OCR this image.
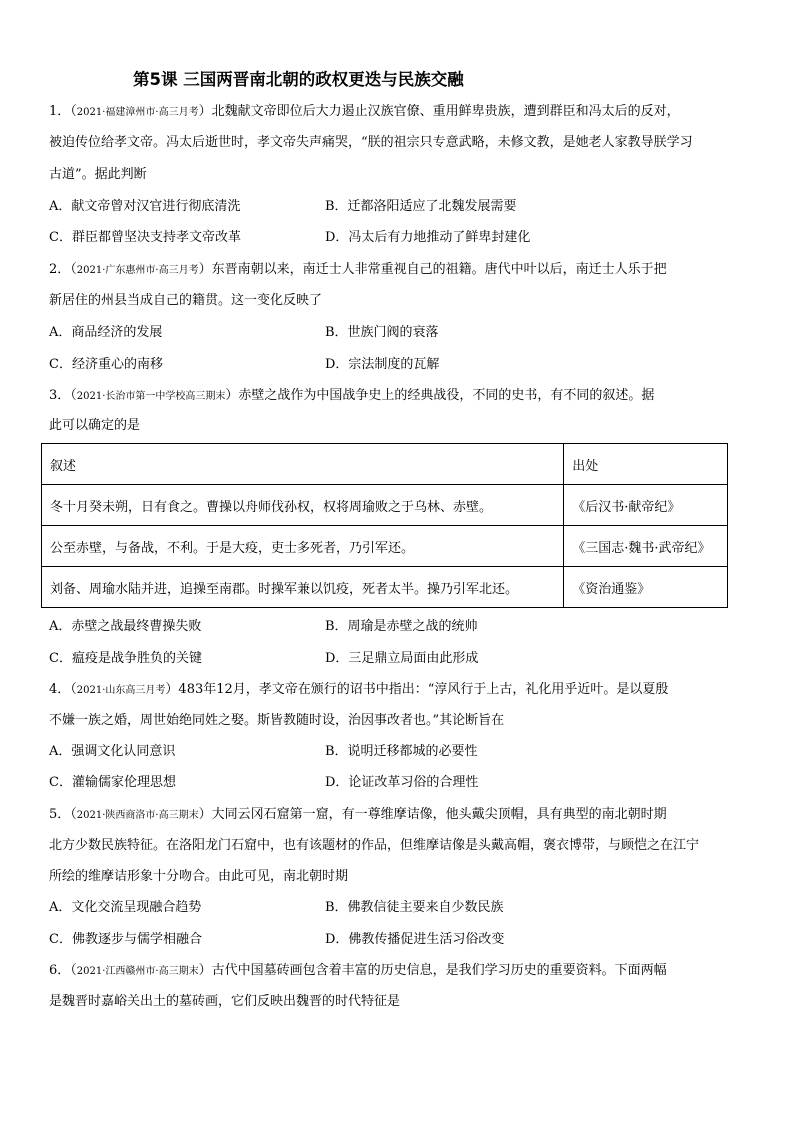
第5课 三国两晋南北朝的政权更迭与民族交融
1．（2021·福建漳州市·高三月考）北魏献文帝即位后大力遏止汉族官僚、重用鲜卑贵族，遭到群臣和冯太后的反对，
被迫传位给孝文帝。冯太后逝世时，孝文帝失声痛哭，“朕的祖宗只专意武略，未修文教，是她老人家教导朕学习
古道”。据此判断
A．献文帝曾对汉官进行彻底清洗	B．迁都洛阳适应了北魏发展需要
C．群臣都曾坚决支持孝文帝改革	D．冯太后有力地推动了鲜卑封建化
2．（2021·广东惠州市·高三月考）东晋南朝以来，南迁士人非常重视自己的祖籍。唐代中叶以后，南迁士人乐于把
新居住的州县当成自己的籍贯。这一变化反映了
A．商品经济的发展	B．世族门阀的衰落
C．经济重心的南移	D．宗法制度的瓦解
3．（2021·长治市第一中学校高三期末）赤壁之战作为中国战争史上的经典战役，不同的史书，有不同的叙述。据
此可以确定的是
叙述	出处
冬十月癸未朔，日有食之。曹操以舟师伐孙权，权将周瑜败之于乌林、赤壁。	《后汉书·献帝纪》
公至赤壁，与备战，不利。于是大疫，吏士多死者，乃引军还。	《三国志·魏书·武帝纪》
刘备、周瑜水陆并进，追操至南郡。时操军兼以饥疫，死者太半。操乃引军北还。	《资治通鉴》
A．赤壁之战最终曹操失败	B．周瑜是赤壁之战的统帅
C．瘟疫是战争胜负的关键	D．三足鼎立局面由此形成
4．（2021·山东高三月考）483年12月，孝文帝在颁行的诏书中指出：“淳风行于上古，礼化用乎近叶。是以夏殷
不嫌一族之婚，周世始绝同姓之娶。斯皆教随时设，治因事改者也。”其论断旨在
A．强调文化认同意识	B．说明迁移都城的必要性
C．灌输儒家伦理思想	D．论证改革习俗的合理性
5．（2021·陕西商洛市·高三期末）大同云冈石窟第一窟，有一尊维摩诘像，他头戴尖顶帽，具有典型的南北朝时期
北方少数民族特征。在洛阳龙门石窟中，也有该题材的作品，但维摩诘像是头戴高帽，褒衣博带，与顾恺之在江宁
所绘的维摩诘形象十分吻合。由此可见，南北朝时期
A．文化交流呈现融合趋势	B．佛教信徒主要来自少数民族
C．佛教逐步与儒学相融合	D．佛教传播促进生活习俗改变
6．（2021·江西赣州市·高三期末）古代中国墓砖画包含着丰富的历史信息，是我们学习历史的重要资料。下面两幅
是魏晋时嘉峪关出土的墓砖画，它们反映出魏晋的时代特征是
